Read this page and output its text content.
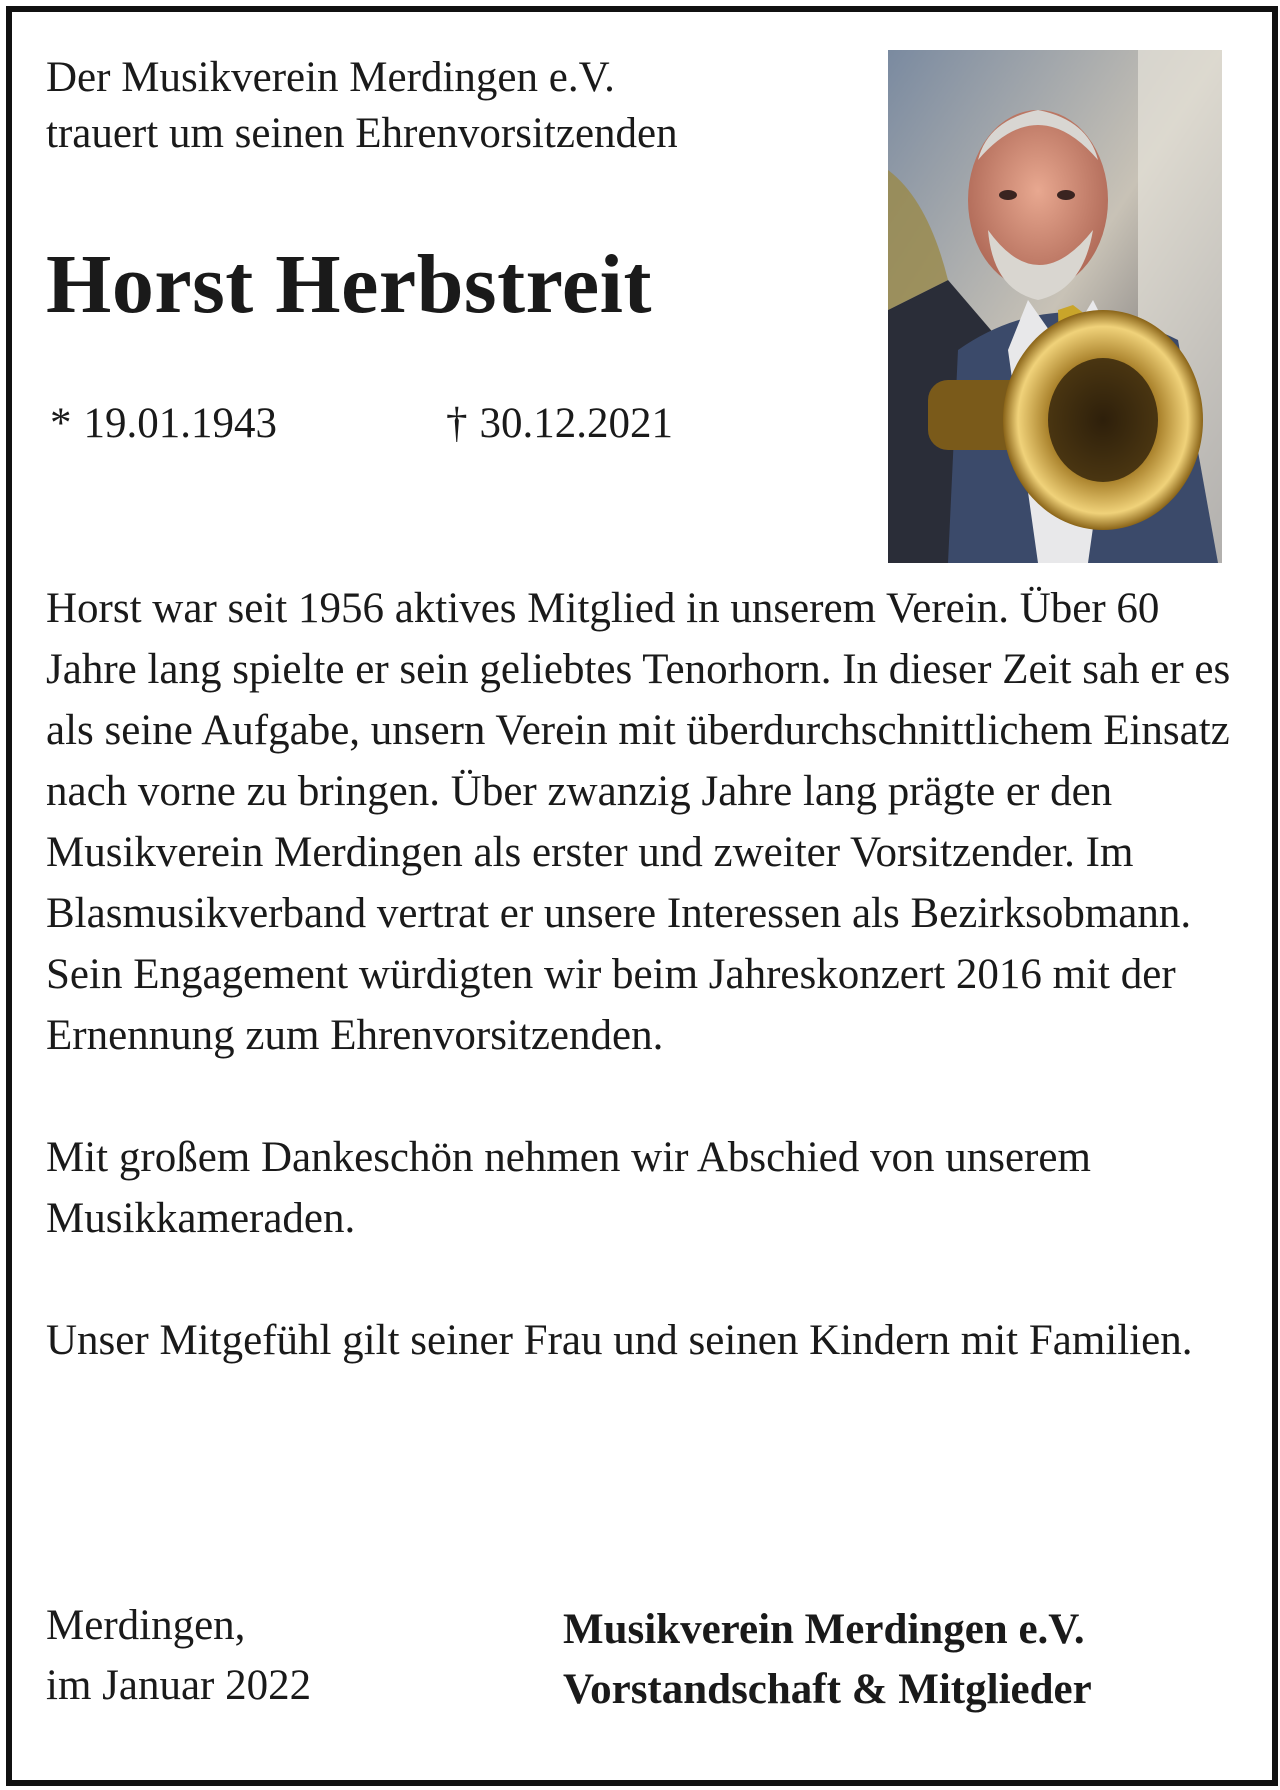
Der Musikverein Merdingen e.V.

trauert um seinen Ehrenvorsitzenden

Horst Herbstreit
* 19.01.1943	† 30.12.2021

Horst war seit 1956 aktives Mitglied in unserem Verein. Über 60 Jahre lang spielte er sein geliebtes Tenorhorn. In dieser Zeit sah er es als seine Aufgabe, unsern Verein mit überdurchschnittlichem Einsatz nach vorne zu bringen. Über zwanzig Jahre lang prägte er den Musikverein Merdingen als erster und zweiter Vorsitzender. Im Blasmusikverband vertrat er unsere Interessen als Bezirksobmann. Sein Engagement würdigten wir beim Jahreskonzert 2016 mit der Ernennung zum Ehrenvorsitzenden.

Mit großem Dankeschön nehmen wir Abschied von unserem Musikkameraden.

Unser Mitgefühl gilt seiner Frau und seinen Kindern mit Familien.

Merdingen,

im Januar 2022

Musikverein Merdingen e.V.

Vorstandschaft & Mitglieder
